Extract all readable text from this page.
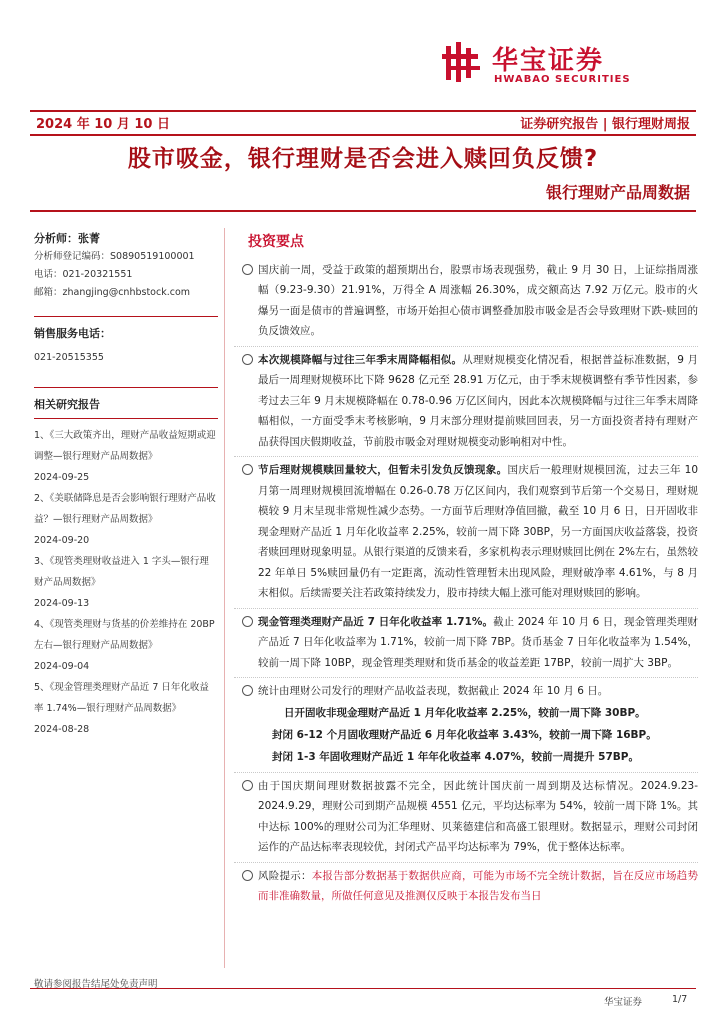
华宝证券
HWABAO SECURITIES
2024 年 10 月 10 日	证券研究报告 | 银行理财周报
股市吸金，银行理财是否会进入赎回负反馈?
银行理财产品周数据
分析师：张菁
分析师登记编码：S0890519100001
电话：021-20321551
邮箱：zhangjing@cnhbstock.com
销售服务电话：
021-20515355
相关研究报告
1、《三大政策齐出，理财产品收益短期或迎调整—银行理财产品周数据》
2024-09-25
2、《美联储降息是否会影响银行理财产品收益？—银行理财产品周数据》
2024-09-20
3、《现管类理财收益进入 1 字头—银行理财产品周数据》
2024-09-13
4、《现管类理财与货基的价差维持在 20BP 左右—银行理财产品周数据》
2024-09-04
5、《现金管理类理财产品近 7 日年化收益率 1.74%—银行理财产品周数据》
2024-08-28
投资要点
国庆前一周，受益于政策的超预期出台，股票市场表现强势，截止 9 月 30 日，上证综指周涨幅（9.23-9.30）21.91%，万得全 A 周涨幅 26.30%，成交额高达 7.92 万亿元。股市的火爆另一面是债市的普遍调整，市场开始担心债市调整叠加股市吸金是否会导致理财下跌-赎回的负反馈效应。
本次规模降幅与过往三年季末周降幅相似。从理财规模变化情况看，根据普益标准数据，9 月最后一周理财规模环比下降 9628 亿元至 28.91 万亿元，由于季末规模调整有季节性因素，参考过去三年 9 月末规模降幅在 0.78-0.96 万亿区间内，因此本次规模降幅与过往三年季末周降幅相似，一方面受季末考核影响，9 月末部分理财提前赎回回表，另一方面投资者持有理财产品获得国庆假期收益，节前股市吸金对理财规模变动影响相对中性。
节后理财规模赎回量较大，但暂未引发负反馈现象。国庆后一般理财规模回流，过去三年 10 月第一周理财规模回流增幅在 0.26-0.78 万亿区间内，我们观察到节后第一个交易日，理财规模较 9 月末呈现非常规性减少态势。一方面节后理财净值回撤，截至 10 月 6 日，日开固收非现金理财产品近 1 月年化收益率 2.25%，较前一周下降 30BP，另一方面国庆收益落袋，投资者赎回理财现象明显。从银行渠道的反馈来看，多家机构表示理财赎回比例在 2%左右，虽然较 22 年单日 5%赎回量仍有一定距离，流动性管理暂未出现风险，理财破净率 4.61%，与 8 月末相似。后续需要关注若政策持续发力，股市持续大幅上涨可能对理财赎回的影响。
现金管理类理财产品近 7 日年化收益率 1.71%。截止 2024 年 10 月 6 日，现金管理类理财产品近 7 日年化收益率为 1.71%，较前一周下降 7BP。货币基金 7 日年化收益率为 1.54%，较前一周下降 10BP，现金管理类理财和货币基金的收益差距 17BP，较前一周扩大 3BP。
统计由理财公司发行的理财产品收益表现，数据截止 2024 年 10 月 6 日。
日开固收非现金理财产品近 1 月年化收益率 2.25%，较前一周下降 30BP。
封闭 6-12 个月固收理财产品近 6 月年化收益率 3.43%，较前一周下降 16BP。
封闭 1-3 年固收理财产品近 1 年年化收益率 4.07%，较前一周提升 57BP。
由于国庆期间理财数据披露不完全，因此统计国庆前一周到期及达标情况。2024.9.23-2024.9.29，理财公司到期产品规模 4551 亿元，平均达标率为 54%，较前一周下降 1%。其中达标 100%的理财公司为汇华理财、贝莱德建信和高盛工银理财。数据显示，理财公司封闭运作的产品达标率表现较优，封闭式产品平均达标率为 79%，优于整体达标率。
风险提示：本报告部分数据基于数据供应商，可能为市场不完全统计数据，旨在反应市场趋势而非准确数量，所做任何意见及推测仅反映于本报告发布当日
敬请参阅报告结尾处免责声明
华宝证券	1/7
